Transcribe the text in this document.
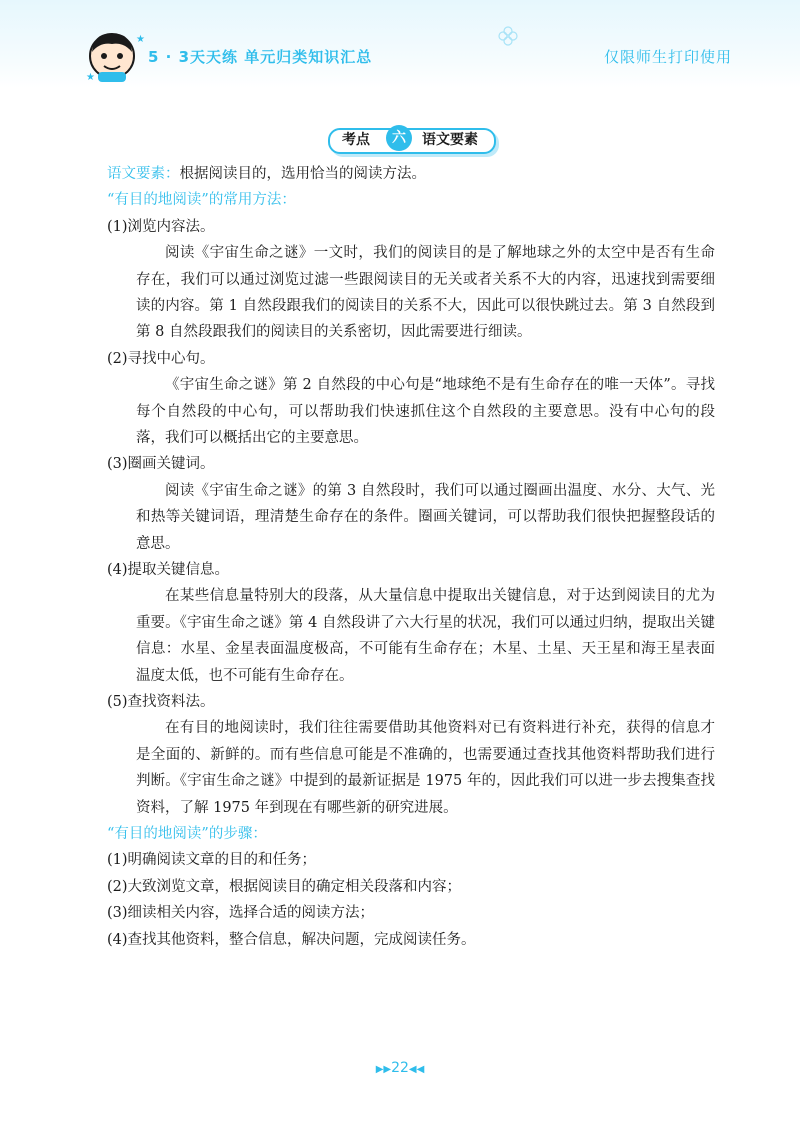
★
★
5 · 3天天练 单元归类知识汇总	仅限师生打印使用
考点	六	语文要素
语文要素：根据阅读目的，选用恰当的阅读方法。
“有目的地阅读”的常用方法：
(1)浏览内容法。
阅读《宇宙生命之谜》一文时，我们的阅读目的是了解地球之外的太空中是否有生命存在，我们可以通过浏览过滤一些跟阅读目的无关或者关系不大的内容，迅速找到需要细读的内容。第 1 自然段跟我们的阅读目的关系不大，因此可以很快跳过去。第 3 自然段到第 8 自然段跟我们的阅读目的关系密切，因此需要进行细读。
(2)寻找中心句。
《宇宙生命之谜》第 2 自然段的中心句是“地球绝不是有生命存在的唯一天体”。寻找每个自然段的中心句，可以帮助我们快速抓住这个自然段的主要意思。没有中心句的段落，我们可以概括出它的主要意思。
(3)圈画关键词。
阅读《宇宙生命之谜》的第 3 自然段时，我们可以通过圈画出温度、水分、大气、光和热等关键词语，理清楚生命存在的条件。圈画关键词，可以帮助我们很快把握整段话的意思。
(4)提取关键信息。
在某些信息量特别大的段落，从大量信息中提取出关键信息，对于达到阅读目的尤为重要。《宇宙生命之谜》第 4 自然段讲了六大行星的状况，我们可以通过归纳，提取出关键信息：水星、金星表面温度极高，不可能有生命存在；木星、土星、天王星和海王星表面温度太低，也不可能有生命存在。
(5)查找资料法。
在有目的地阅读时，我们往往需要借助其他资料对已有资料进行补充，获得的信息才是全面的、新鲜的。而有些信息可能是不准确的，也需要通过查找其他资料帮助我们进行判断。《宇宙生命之谜》中提到的最新证据是 1975 年的，因此我们可以进一步去搜集查找资料，了解 1975 年到现在有哪些新的研究进展。
“有目的地阅读”的步骤：
(1)明确阅读文章的目的和任务；
(2)大致浏览文章，根据阅读目的确定相关段落和内容；
(3)细读相关内容，选择合适的阅读方法；
(4)查找其他资料，整合信息，解决问题，完成阅读任务。
▶▶22◀◀
